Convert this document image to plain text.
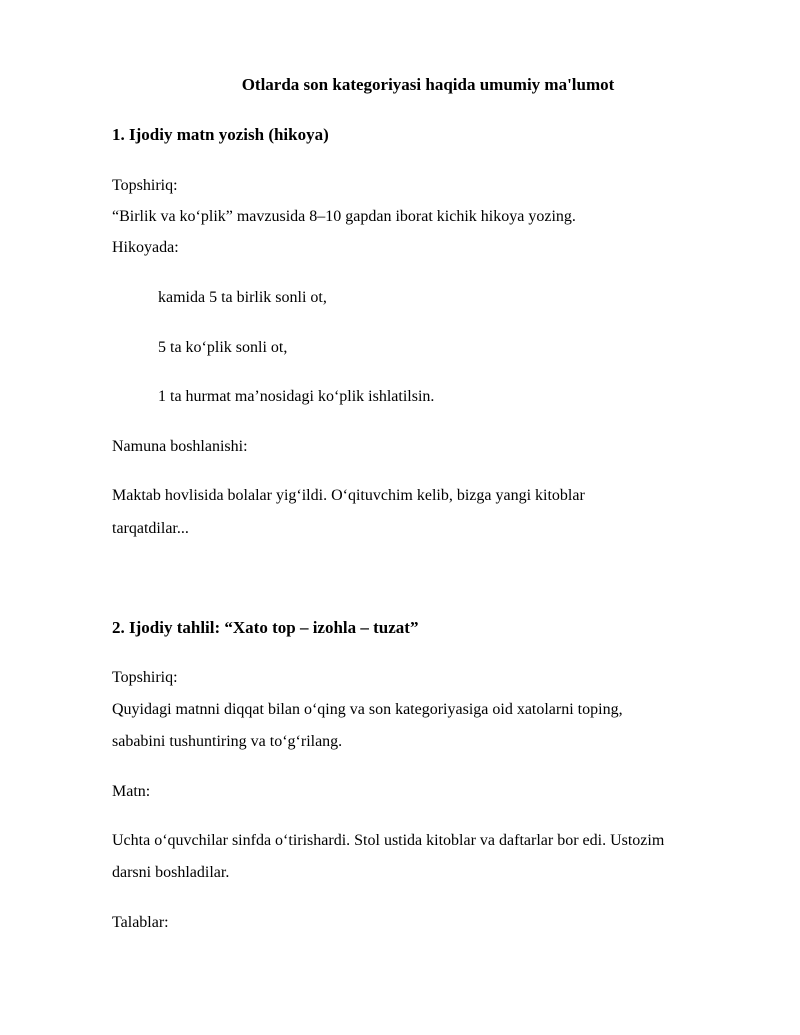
Otlarda son kategoriyasi haqida umumiy ma'lumot

1. Ijodiy matn yozish (hikoya)

Topshiriq:

“Birlik va ko‘plik” mavzusida 8–10 gapdan iborat kichik hikoya yozing.

Hikoyada:

kamida 5 ta birlik sonli ot,

5 ta ko‘plik sonli ot,

1 ta hurmat ma’nosidagi ko‘plik ishlatilsin.

Namuna boshlanishi:

Maktab hovlisida bolalar yig‘ildi. O‘qituvchim kelib, bizga yangi kitoblar

tarqatdilar...

2. Ijodiy tahlil: “Xato top – izohla – tuzat”

Topshiriq:

Quyidagi matnni diqqat bilan o‘qing va son kategoriyasiga oid xatolarni toping,

sababini tushuntiring va to‘g‘rilang.

Matn:

Uchta o‘quvchilar sinfda o‘tirishardi. Stol ustida kitoblar va daftarlar bor edi. Ustozim

darsni boshladilar.

Talablar:
